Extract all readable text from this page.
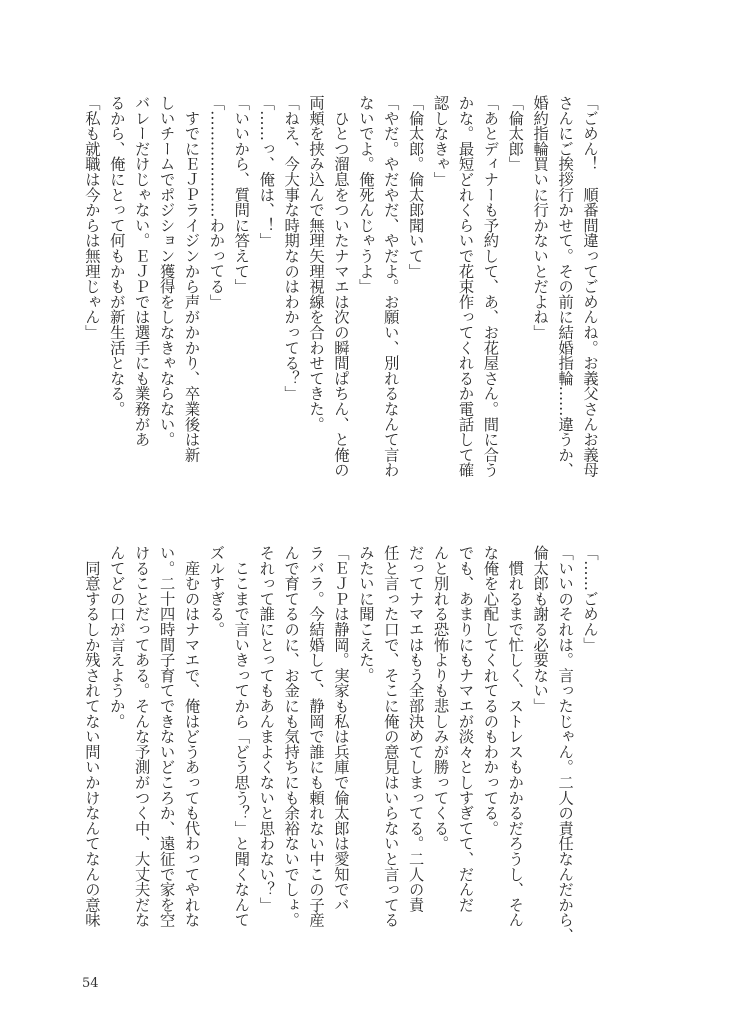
「ごめん！　順番間違ってごめんね。お義父さんお義母
さんにご挨拶行かせて。その前に結婚指輪……違うか、
婚約指輪買いに行かないとだよね」
「倫太郎」
「あとディナーも予約して、あ、お花屋さん。間に合う
かな。最短どれくらいで花束作ってくれるか電話して確
認しなきゃ」
「倫太郎。倫太郎聞いて」
「やだ。やだやだ、やだよ。お願い、別れるなんて言わ
ないでよ。俺死んじゃうよ」
　ひとつ溜息をついたナマエは次の瞬間ぱちん、と俺の
両頬を挟み込んで無理矢理視線を合わせてきた。
「ねえ、今大事な時期なのはわかってる？」
「……っ、俺は、！」
「いいから、質問に答えて」
「…………………わかってる」
　すでにＥＪＰライジンから声がかかり、卒業後は新
しいチームでポジション獲得をしなきゃならない。
バレーだけじゃない。ＥＪＰでは選手にも業務があ
るから、俺にとって何もかもが新生活となる。
「私も就職は今からは無理じゃん」
「……ごめん」
「いいのそれは。言ったじゃん。二人の責任なんだから、
倫太郎も謝る必要ない」
　慣れるまで忙しく、ストレスもかかるだろうし、そん
な俺を心配してくれてるのもわかってる。
でも、あまりにもナマエが淡々としすぎてて、だんだ
んと別れる恐怖よりも悲しみが勝ってくる。
だってナマエはもう全部決めてしまってる。二人の責
任と言った口で、そこに俺の意見はいらないと言ってる
みたいに聞こえた。
「ＥＪＰは静岡。実家も私は兵庫で倫太郎は愛知でバ
ラバラ。今結婚して、静岡で誰にも頼れない中この子産
んで育てるのに、お金にも気持ちにも余裕ないでしょ。
それって誰にとってもあんまよくないと思わない？」
　ここまで言いきってから「どう思う？」と聞くなんて
ズルすぎる。
　産むのはナマエで、俺はどうあっても代わってやれな
い。二十四時間子育てできないどころか、遠征で家を空
けることだってある。そんな予測がつく中、大丈夫だな
んてどの口が言えようか。
　同意するしか残されてない問いかけなんてなんの意味
54
